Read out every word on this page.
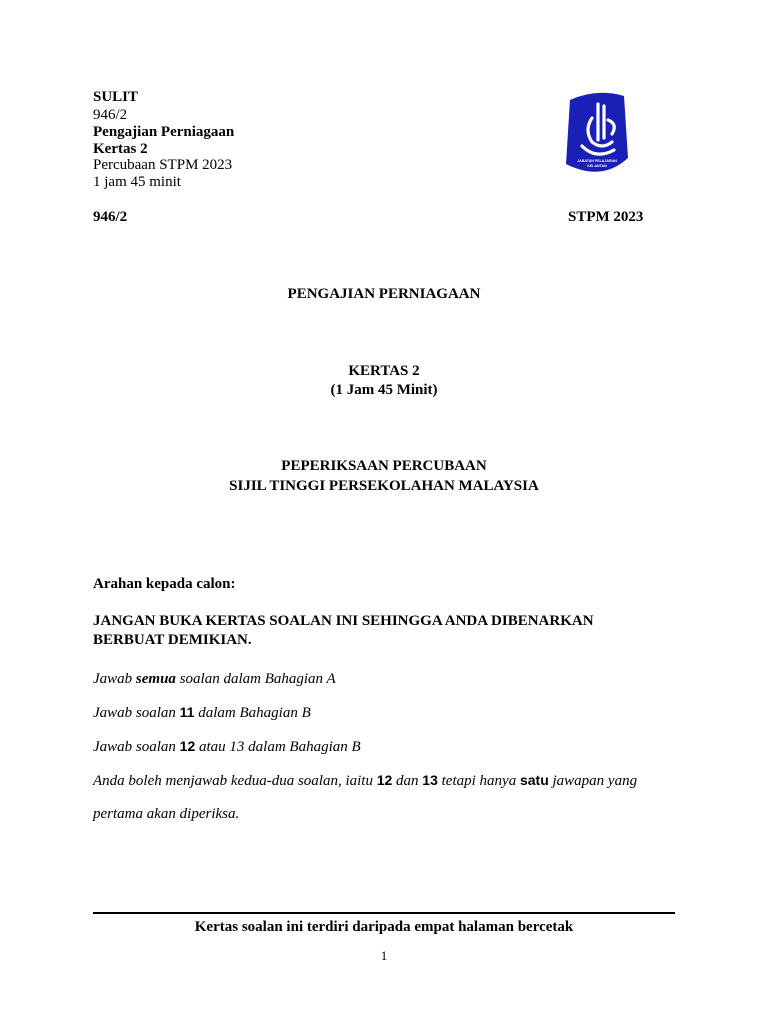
SULIT
946/2
Pengajian Perniagaan
Kertas 2
Percubaan STPM 2023
1 jam 45 minit
946/2	STPM 2023
JABATAN PELAJARAN
KELANTAN
PENGAJIAN PERNIAGAAN
KERTAS 2
(1 Jam 45 Minit)
PEPERIKSAAN PERCUBAAN
SIJIL TINGGI PERSEKOLAHAN MALAYSIA
Arahan kepada calon:
JANGAN BUKA KERTAS SOALAN INI SEHINGGA ANDA DIBENARKAN
BERBUAT DEMIKIAN.
Jawab semua soalan dalam Bahagian A
Jawab soalan 11 dalam Bahagian B
Jawab soalan 12 atau 13 dalam Bahagian B
Anda boleh menjawab kedua-dua soalan, iaitu 12 dan 13 tetapi hanya satu jawapan yang
pertama akan diperiksa.
Kertas soalan ini terdiri daripada empat halaman bercetak
1
